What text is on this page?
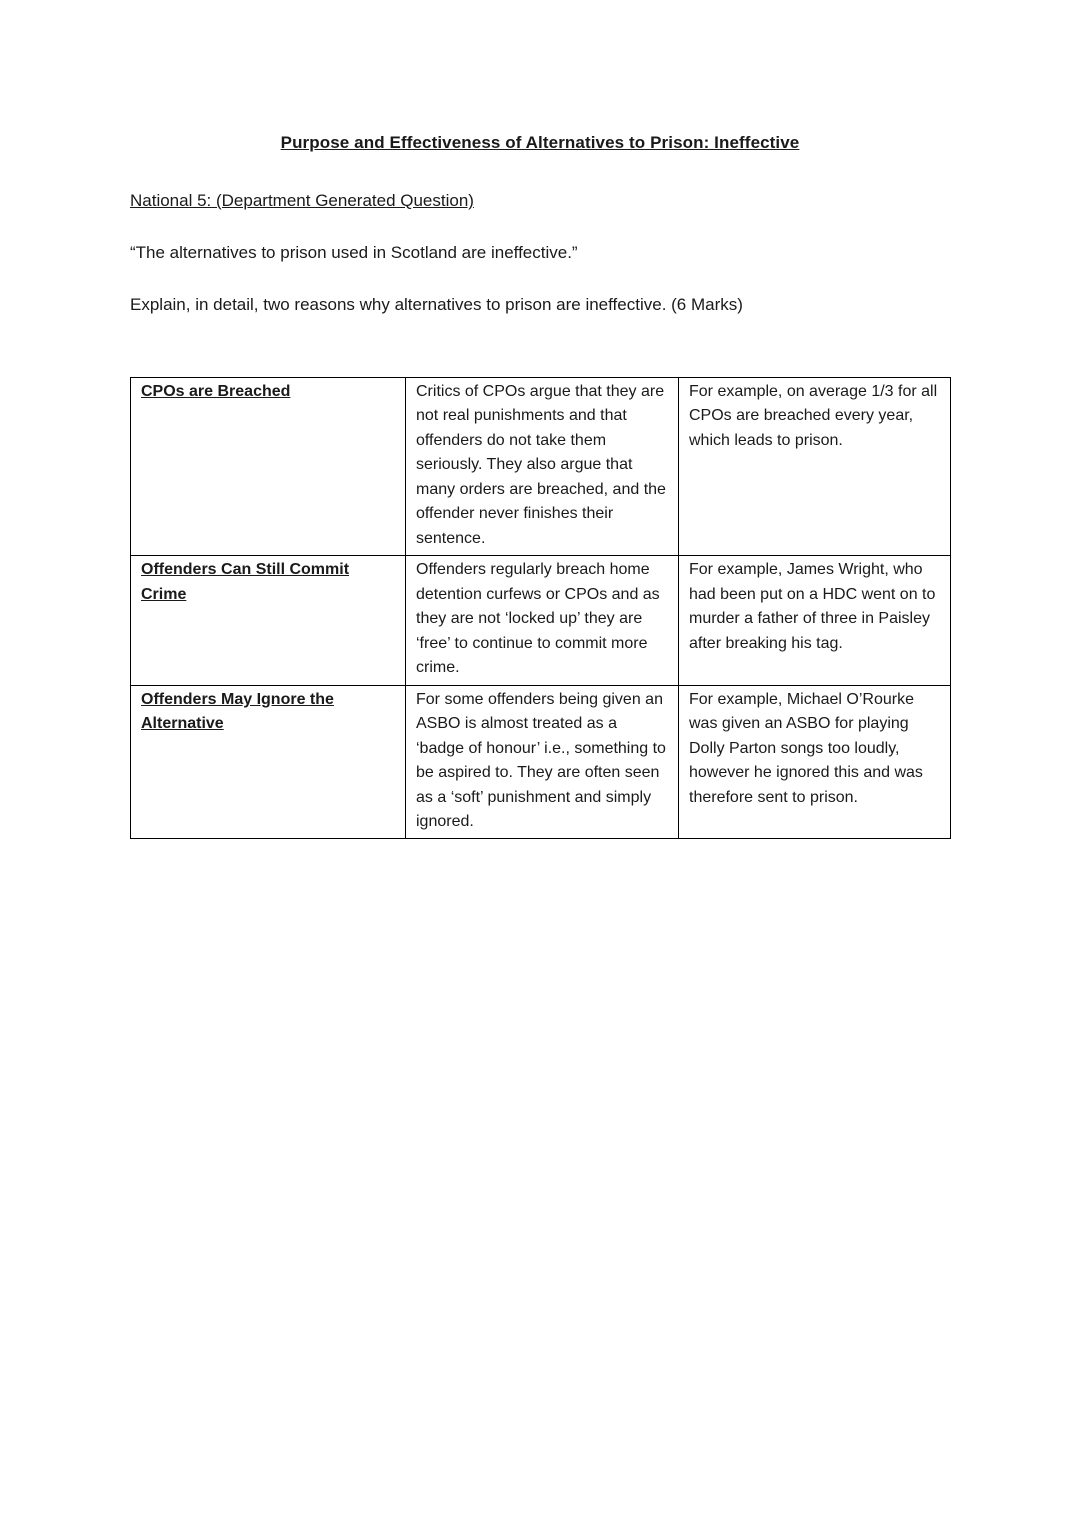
Purpose and Effectiveness of Alternatives to Prison: Ineffective
National 5: (Department Generated Question)
“The alternatives to prison used in Scotland are ineffective.”
Explain, in detail, two reasons why alternatives to prison are ineffective. (6 Marks)
CPOs are Breached	Critics of CPOs argue that they are not real punishments and that offenders do not take them seriously. They also argue that many orders are breached, and the offender never finishes their sentence.	For example, on average 1/3 for all CPOs are breached every year, which leads to prison.
Offenders Can Still Commit Crime	Offenders regularly breach home detention curfews or CPOs and as they are not ‘locked up’ they are ‘free’ to continue to commit more crime.	For example, James Wright, who had been put on a HDC went on to murder a father of three in Paisley after breaking his tag.
Offenders May Ignore the Alternative	For some offenders being given an ASBO is almost treated as a ‘badge of honour’ i.e., something to be aspired to. They are often seen as a ‘soft’ punishment and simply ignored.	For example, Michael O’Rourke was given an ASBO for playing Dolly Parton songs too loudly, however he ignored this and was therefore sent to prison.
